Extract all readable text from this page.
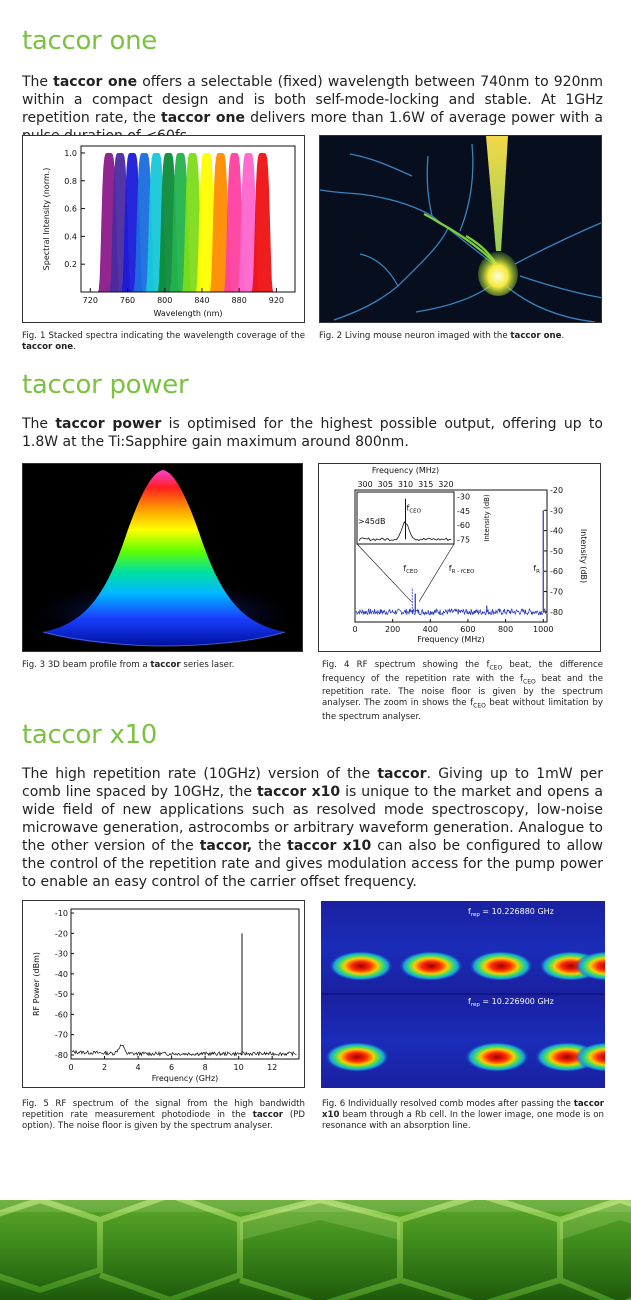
taccor one

The taccor one offers a selectable (fixed) wavelength between 740nm to 920nm within a compact design and is both self-mode-locking and stable. At 1GHz repetition rate, the taccor one delivers more than 1.6W of average power with a

720	760	800	840	880	920
0.2
0.4
0.6
0.8
1.0
Wavelength (nm)
Spectral Intensity (norm.)

Fig. 1 Stacked spectra indicating the wavelength coverage of the taccor one.

Fig. 2 Living mouse neuron imaged with the taccor one.

taccor power

The taccor power is optimised for the highest possible output, offering up to 1.8W at the Ti:Sapphire gain maximum around 800nm.

$f_{CEO}$	$f_{R - f}CEO$	$f_R$
0	200	400	600	800 1000
-20
-30
-40
-50
-60
-70
-80
Frequency (MHz)
Intensity (dB)
$f_{CEO}$
>45dB
300 305 310 315 320
Frequency (MHz)
-30
-45
-60
-75 Intensity (dB)

Fig. 3 3D beam profile from a taccor series laser.	Fig. 4 RF spectrum showing the $f_{CEO}$ beat, the difference frequency of the repetition rate with the $f_{CEO}$ beat and the repetition rate. The noise floor is given by the spectrum analyser. The zoom in shows the $f_{CEO}$ beat without limitation by the spectrum analyser.

taccor x10

The high repetition rate (10GHz) version of the taccor. Giving up to 1mW per comb line spaced by 10GHz, the taccor x10 is unique to the market and opens a wide field of new applications such as resolved mode spectroscopy, low-noise microwave generation, astrocombs or arbitrary waveform generation. Analogue to the other version of the taccor, the taccor x10 can also be configured to allow the control of the repetition rate and gives modulation access for the pump power to enable an easy control of the carrier offset frequency.

0	2	4	6	8	10	12
-10
-20
-30
-40
-50
-60
-70
-80
Frequency (GHz)
RF Power (dBm)
$f_{rep} = 10.226880$ GHz
$f_{rep} = 10.226900$ GHz

Fig. 5 RF spectrum of the signal from the high bandwidth repetition rate measurement photodiode in the taccor (PD option). The noise floor is given by the spectrum analyser.

Fig. 6 Individually resolved comb modes after passing the taccor x10 beam through a Rb cell. In the lower image, one mode is on resonance with an absorption line.
